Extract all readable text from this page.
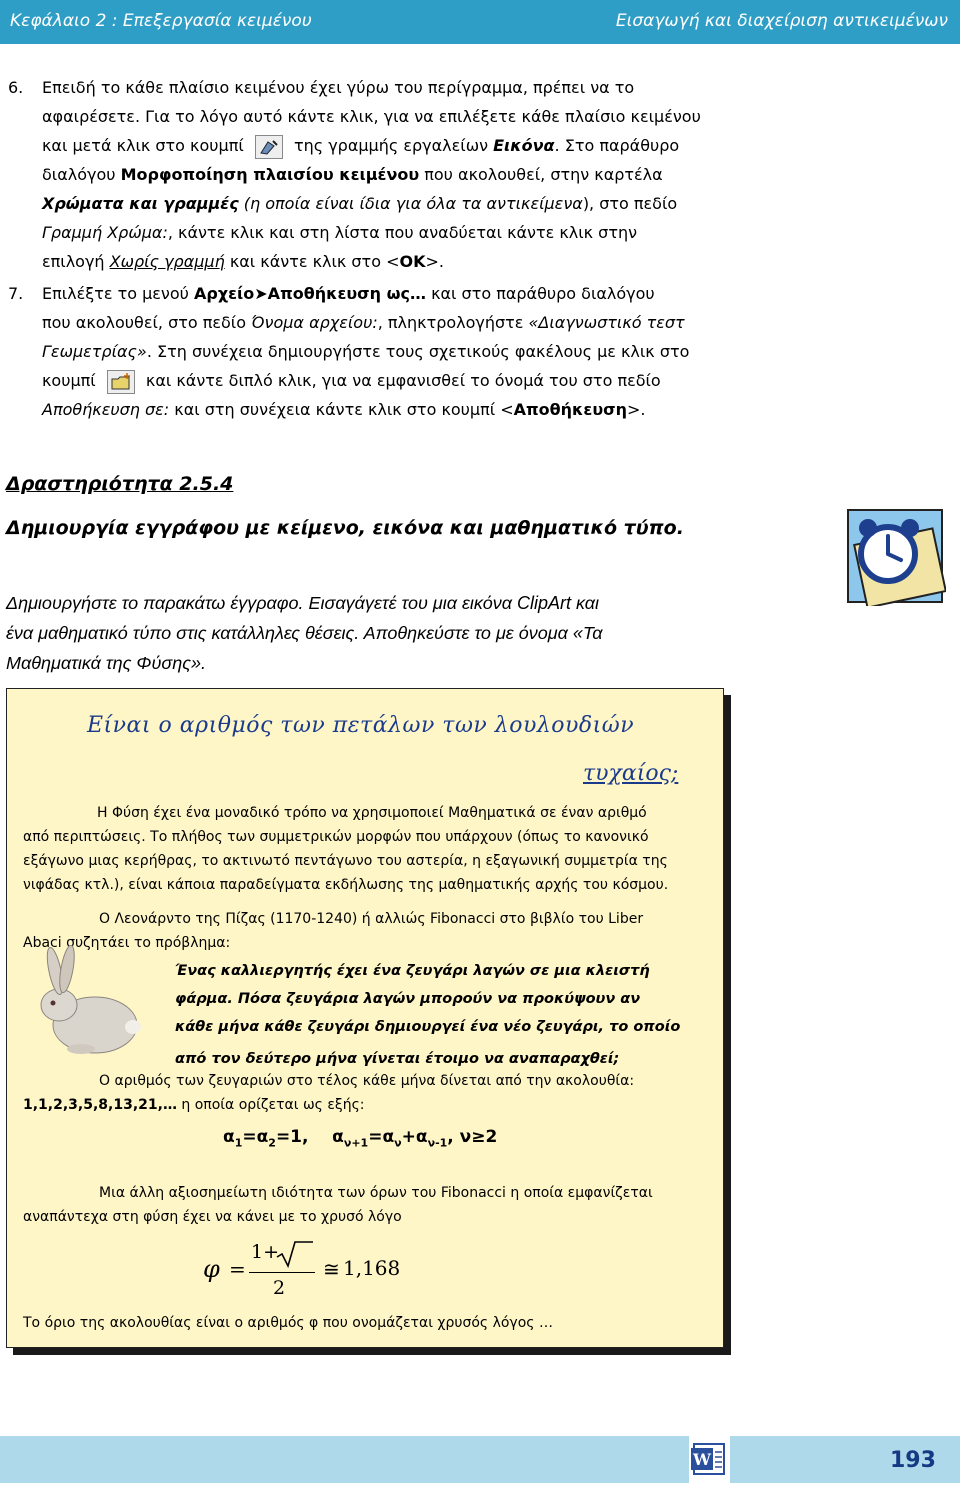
Κεφάλαιο 2 : Επεξεργασία κειμένου	Εισαγωγή και διαχείριση αντικειμένων
6. Επειδή το κάθε πλαίσιο κειμένου έχει γύρω του περίγραμμα, πρέπει να το
αφαιρέσετε. Για το λόγο αυτό κάντε κλικ, για να επιλέξετε κάθε πλαίσιο κειμένου
και μετά κλικ στο κουμπί	της γραμμής εργαλείων Εικόνα. Στο παράθυρο
διαλόγου Μορφοποίηση πλαισίου κειμένου που ακολουθεί, στην καρτέλα
Χρώματα και γραμμές (η οποία είναι ίδια για όλα τα αντικείμενα), στο πεδίο
Γραμμή Χρώμα:, κάντε κλικ και στη λίστα που αναδύεται κάντε κλικ στην
επιλογή Χωρίς γραμμή και κάντε κλικ στο <OK>.
7. Επιλέξτε το μενού Αρχείο➤Αποθήκευση ως… και στο παράθυρο διαλόγου
που ακολουθεί, στο πεδίο Όνομα αρχείου:, πληκτρολογήστε «Διαγνωστικό τεστ
Γεωμετρίας». Στη συνέχεια δημιουργήστε τους σχετικούς φακέλους με κλικ στο
κουμπί	και κάντε διπλό κλικ, για να εμφανισθεί το όνομά του στο πεδίο
Αποθήκευση σε: και στη συνέχεια κάντε κλικ στο κουμπί <Αποθήκευση>.
Δραστηριότητα 2.5.4
Δημιουργία εγγράφου με κείμενο, εικόνα και μαθηματικό τύπο.
Δημιουργήστε το παρακάτω έγγραφο. Εισαγάγετέ του μια εικόνα ClipArt και
ένα μαθηματικό τύπο στις κατάλληλες θέσεις. Αποθηκεύστε το με όνομα «Τα
Μαθηματικά της Φύσης».
Είναι ο αριθμός των πετάλων των λουλουδιών
τυχαίος;
Η Φύση έχει ένα μοναδικό τρόπο να χρησιμοποιεί Μαθηματικά σε έναν αριθμό
από περιπτώσεις. Το πλήθος των συμμετρικών μορφών που υπάρχουν (όπως το κανονικό
εξάγωνο μιας κερήθρας, το ακτινωτό πεντάγωνο του αστερία, η εξαγωνική συμμετρία της
νιφάδας κτλ.), είναι κάποια παραδείγματα εκδήλωσης της μαθηματικής αρχής του κόσμου.
Ο Λεονάρντο της Πίζας (1170-1240) ή αλλιώς Fibonacci στο βιβλίο του Liber
Abaci συζητάει το πρόβλημα:
Ένας καλλιεργητής έχει ένα ζευγάρι λαγών σε μια κλειστή
φάρμα. Πόσα ζευγάρια λαγών μπορούν να προκύψουν αν
κάθε μήνα κάθε ζευγάρι δημιουργεί ένα νέο ζευγάρι, το οποίο
από τον δεύτερο μήνα γίνεται έτοιμο να αναπαραχθεί;
Ο αριθμός των ζευγαριών στο τέλος κάθε μήνα δίνεται από την ακολουθία:
1,1,2,3,5,8,13,21,… η οποία ορίζεται ως εξής:
$\alpha_1=\alpha_2=1$,    $\alpha_{\nu+1}=\alpha_\nu+\alpha_{\nu-1}$, ν≥2
Μια άλλη αξιοσημείωτη ιδιότητα των όρων του Fibonacci η οποία εμφανίζεται
αναπάντεχα στη φύση έχει να κάνει με το χρυσό λόγο
φ =
1+
2
≅ 1,168
Το όριο της ακολουθίας είναι ο αριθμός φ που ονομάζεται χρυσός λόγος …
W	193
